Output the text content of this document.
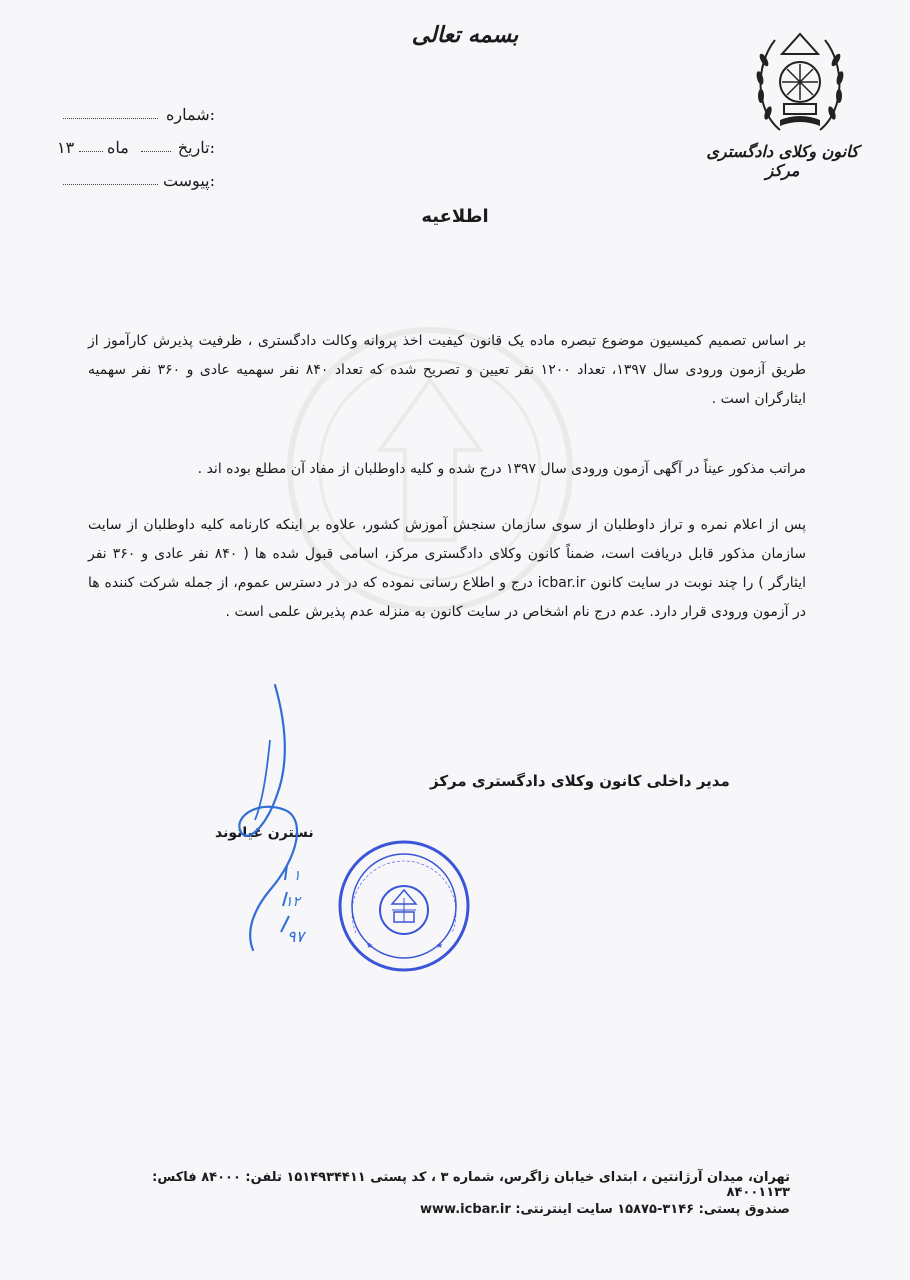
بسمه تعالی
کانون وکلای دادگستری مرکز
شماره:
تاریخ:
۱۳ ماه
پیوست:
اطلاعیه
بر اساس تصمیم کمیسیون موضوع تبصره ماده یک قانون کیفیت اخذ پروانه وکالت دادگستری ، ظرفیت پذیرش کارآموز از طریق آزمون ورودی سال ۱۳۹۷، تعداد ۱۲۰۰ نفر تعیین و تصریح شده که تعداد ۸۴۰ نفر سهمیه عادی و ۳۶۰ نفر سهمیه ایثارگران است .
مراتب مذکور عیناً در آگهی آزمون ورودی سال ۱۳۹۷ درج شده و کلیه داوطلبان از مفاد آن مطلع بوده اند .
پس از اعلام نمره و تراز داوطلبان از سوی سازمان سنجش آموزش کشور، علاوه بر اینکه کارنامه کلیه داوطلبان از سایت سازمان مذکور قابل دریافت است، ضمناً کانون وکلای دادگستری مرکز، اسامی قبول شده ها ( ۸۴۰ نفر عادی و ۳۶۰ نفر ایثارگر ) را چند نوبت در سایت کانون icbar.ir درج و اطلاع رسانی نموده که در در دسترس عموم، از جمله شرکت کننده ها در آزمون ورودی قرار دارد. عدم درج نام اشخاص در سایت کانون به منزله عدم پذیرش علمی است .
مدیر داخلی کانون وکلای دادگستری مرکز
نسترن غیاثوند
۱
۱۲
۹۷	★	★
تهران، میدان آرژانتین ، ابتدای خیابان زاگرس، شماره ۳ ، کد پستی ۱۵۱۴۹۳۴۴۱۱ تلفن: ۸۴۰۰۰ فاکس: ۸۴۰۰۱۱۳۳
صندوق پستی: ۳۱۴۶-۱۵۸۷۵ سایت اینترنتی: www.icbar.ir
